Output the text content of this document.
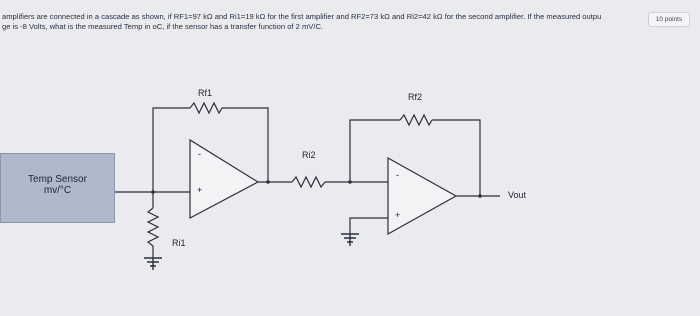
amplifiers are connected in a cascade as shown, if RF1=97 kΩ and Ri1=19 kΩ for the first amplifier and RF2=73 kΩ and Ri2=42 kΩ for the second amplifier. If the measured outpu
ge is -8 Volts, what is the measured Temp in oC, if the sensor has a transfer function of 2 mV/C.
10 points
Temp Sensor
mv/°C
Rf1	Rf2
Ri1
Ri2
-
+
-
+
Vout
